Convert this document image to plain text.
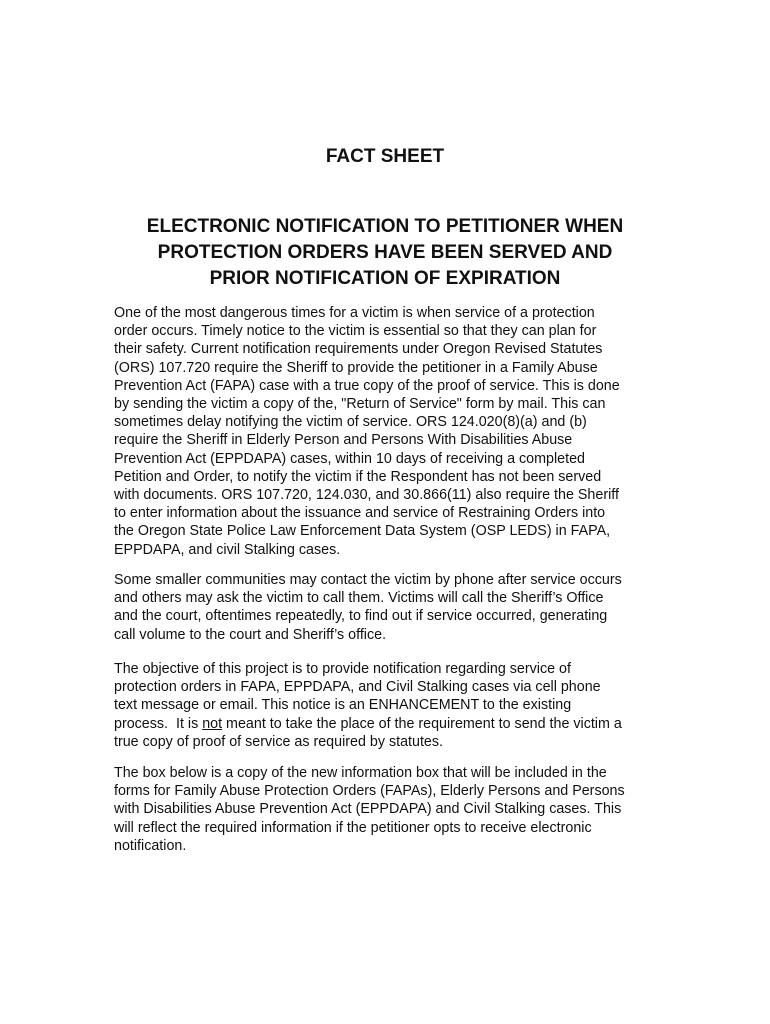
FACT SHEET
ELECTRONIC NOTIFICATION TO PETITIONER WHEN
PROTECTION ORDERS HAVE BEEN SERVED AND
PRIOR NOTIFICATION OF EXPIRATION
One of the most dangerous times for a victim is when service of a protection
order occurs. Timely notice to the victim is essential so that they can plan for
their safety. Current notification requirements under Oregon Revised Statutes
(ORS) 107.720 require the Sheriff to provide the petitioner in a Family Abuse
Prevention Act (FAPA) case with a true copy of the proof of service. This is done
by sending the victim a copy of the, "Return of Service" form by mail. This can
sometimes delay notifying the victim of service. ORS 124.020(8)(a) and (b)
require the Sheriff in Elderly Person and Persons With Disabilities Abuse
Prevention Act (EPPDAPA) cases, within 10 days of receiving a completed
Petition and Order, to notify the victim if the Respondent has not been served
with documents. ORS 107.720, 124.030, and 30.866(11) also require the Sheriff
to enter information about the issuance and service of Restraining Orders into
the Oregon State Police Law Enforcement Data System (OSP LEDS) in FAPA,
EPPDAPA, and civil Stalking cases.
Some smaller communities may contact the victim by phone after service occurs
and others may ask the victim to call them. Victims will call the Sheriff’s Office
and the court, oftentimes repeatedly, to find out if service occurred, generating
call volume to the court and Sheriff’s office.
The objective of this project is to provide notification regarding service of
protection orders in FAPA, EPPDAPA, and Civil Stalking cases via cell phone
text message or email. This notice is an ENHANCEMENT to the existing
process.  It is not meant to take the place of the requirement to send the victim a
true copy of proof of service as required by statutes.
The box below is a copy of the new information box that will be included in the
forms for Family Abuse Protection Orders (FAPAs), Elderly Persons and Persons
with Disabilities Abuse Prevention Act (EPPDAPA) and Civil Stalking cases. This
will reflect the required information if the petitioner opts to receive electronic
notification.
